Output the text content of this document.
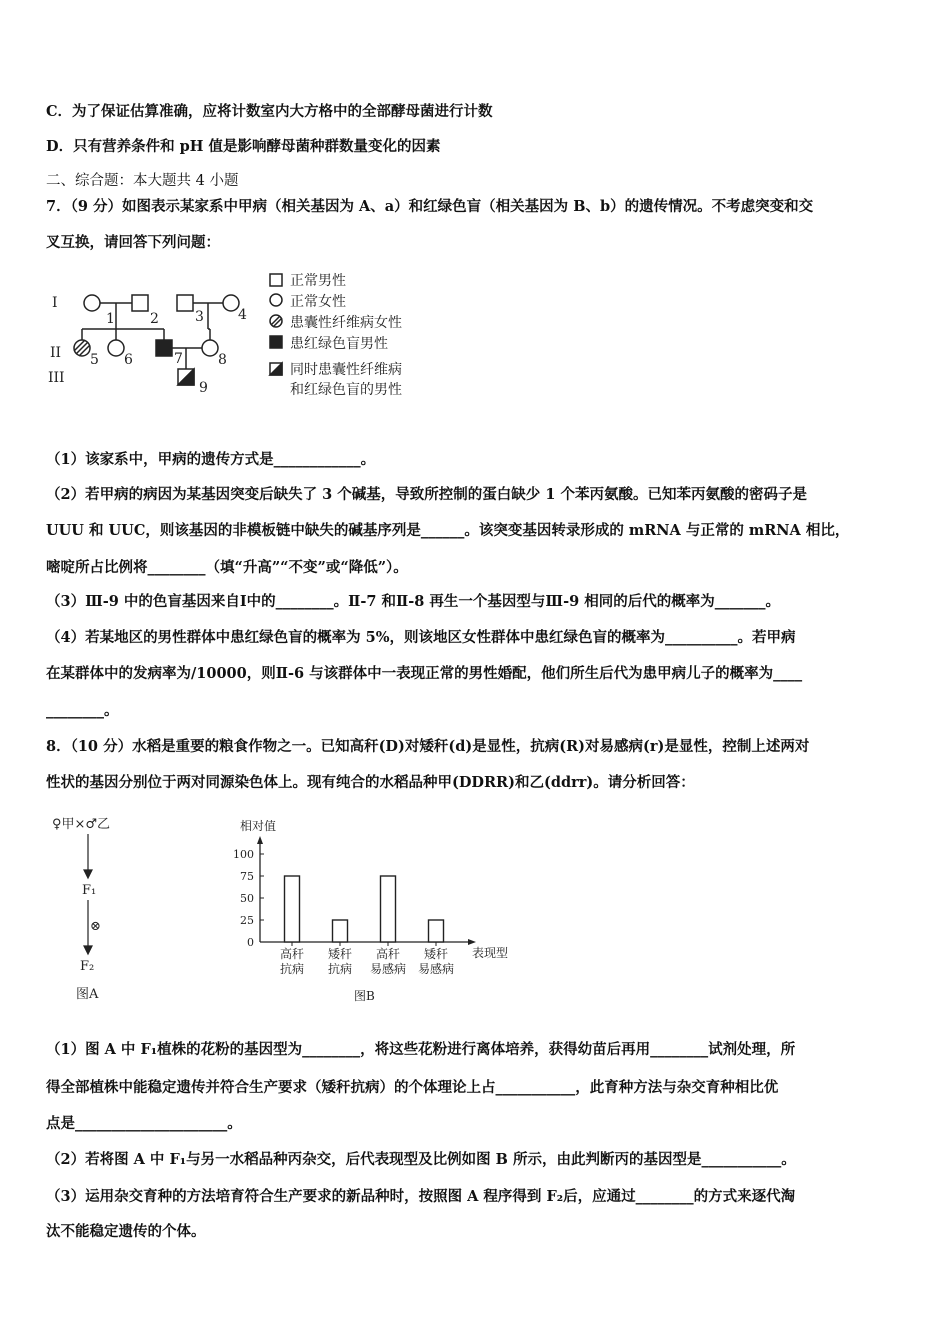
C．为了保证估算准确，应将计数室内大方格中的全部酵母菌进行计数
D．只有营养条件和 pH 值是影响酵母菌种群数量变化的因素
二、综合题：本大题共 4 小题
7．（9 分）如图表示某家系中甲病（相关基因为 A、a）和红绿色盲（相关基因为 B、b）的遗传情况。不考虑突变和交
叉互换，请回答下列问题：
I
II
III
1	2	3 4
5 6	7	8
9
正常男性
正常女性
患囊性纤维病女性
患红绿色盲男性
同时患囊性纤维病
和红绿色盲的男性
（1）该家系中，甲病的遗传方式是____________。
（2）若甲病的病因为某基因突变后缺失了 3 个碱基，导致所控制的蛋白缺少 1 个苯丙氨酸。已知苯丙氨酸的密码子是
UUU 和 UUC，则该基因的非模板链中缺失的碱基序列是______。该突变基因转录形成的 mRNA 与正常的 mRNA 相比，
嘧啶所占比例将________（填“升高”“不变”或“降低”）。
（3）Ⅲ-9 中的色盲基因来自Ⅰ中的________。Ⅱ-7 和Ⅱ-8 再生一个基因型与Ⅲ-9 相同的后代的概率为_______。
（4）若某地区的男性群体中患红绿色盲的概率为 5%，则该地区女性群体中患红绿色盲的概率为__________。若甲病
在某群体中的发病率为/10000，则Ⅱ-6 与该群体中一表现正常的男性婚配，他们所生后代为患甲病儿子的概率为____
________。
8．（10 分）水稻是重要的粮食作物之一。已知高秆(D)对矮秆(d)是显性，抗病(R)对易感病(r)是显性，控制上述两对
性状的基因分别位于两对同源染色体上。现有纯合的水稻品种甲(DDRR)和乙(ddrr)。请分析回答：
♀甲×♂乙
F₁
⊗
F₂
图A
相对值
表现型
图B
0
25
50
75
100
高秆
抗病
矮秆
抗病
高秆
易感病
矮秆
易感病
（1）图 A 中 F₁植株的花粉的基因型为________，将这些花粉进行离体培养，获得幼苗后再用________试剂处理，所
得全部植株中能稳定遗传并符合生产要求（矮秆抗病）的个体理论上占___________，此育种方法与杂交育种相比优
点是_____________________。
（2）若将图 A 中 F₁与另一水稻品种丙杂交，后代表现型及比例如图 B 所示，由此判断丙的基因型是___________。
（3）运用杂交育种的方法培育符合生产要求的新品种时，按照图 A 程序得到 F₂后，应通过________的方式来逐代淘
汰不能稳定遗传的个体。
